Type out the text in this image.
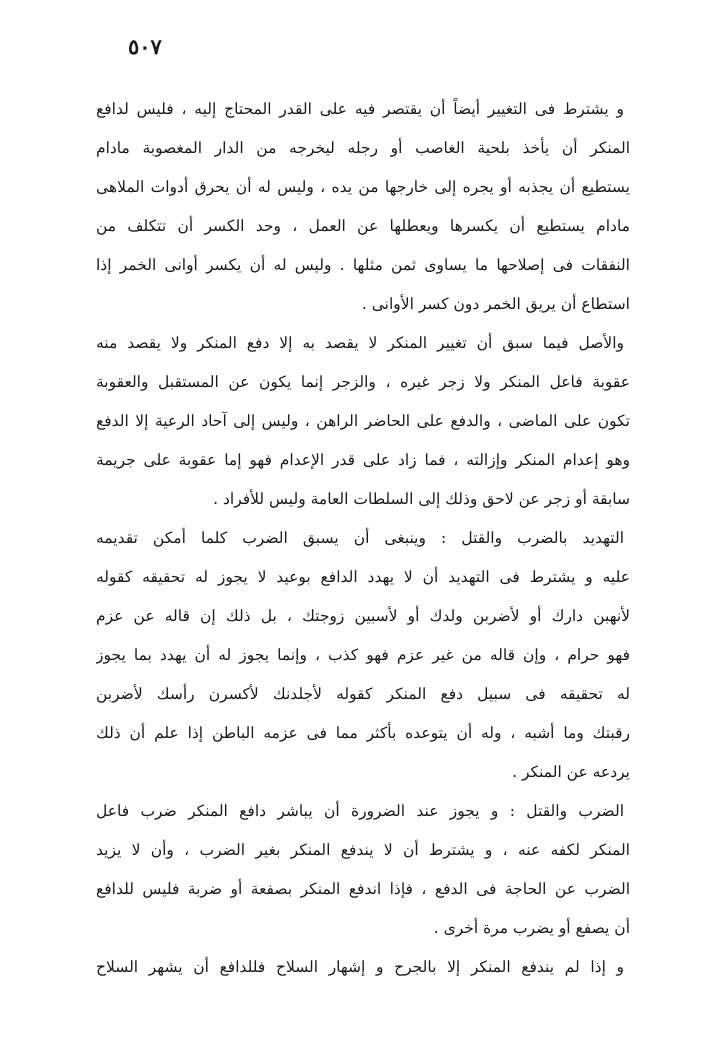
٥٠٧
و يشترط فى التغيير أيضاً أن يقتصر فيه على القدر المحتاج إليه ، فليس لدافع
المنكر أن يأخذ بلحية الغاصب أو رجله ليخرجه من الدار المغصوبة مادام
يستطيع أن يجذبه أو يجره إلى خارجها من يده ، وليس له أن يحرق أدوات الملاهى
مادام يستطيع أن يكسرها ويعطلها عن العمل ، وحد الكسر أن تتكلف من
النفقات فى إصلاحها ما يساوى ثمن مثلها . وليس له أن يكسر أوانى الخمر إذا
استطاع أن يريق الخمر دون كسر الأوانى .
والأصل فيما سبق أن تغيير المنكر لا يقصد به إلا دفع المنكر ولا يقصد منه
عقوبة فاعل المنكر ولا زجر غيره ، والزجر إنما يكون عن المستقبل والعقوبة
تكون على الماضى ، والدفع على الحاضر الراهن ، وليس إلى آحاد الرعية إلا الدفع
وهو إعدام المنكر وإزالته ، فما زاد على قدر الإعدام فهو إما عقوبة على جريمة
سابقة أو زجر عن لاحق وذلك إلى السلطات العامة وليس للأفراد .
التهديد بالضرب والقتل : وينبغى أن يسبق الضرب كلما أمكن تقديمه
عليه و يشترط فى التهديد أن لا يهدد الدافع بوعيد لا يجوز له تحقيقه كقوله
لأنهبن دارك أو لأضربن ولدك أو لأسبين زوجتك ، بل ذلك إن قاله عن عزم
فهو حرام ، وإن قاله من غير عزم فهو كذب ، وإنما يجوز له أن يهدد بما يجوز
له تحقيقه فى سبيل دفع المنكر كقوله لأجلدنك لأكسرن رأسك لأضربن
رقبتك وما أشبه ، وله أن يتوعده بأكثر مما فى عزمه الباطن إذا علم أن ذلك
يردعه عن المنكر .
الضرب والقتل : و يجوز عند الضرورة أن يباشر دافع المنكر ضرب فاعل
المنكر لكفه عنه ، و يشترط أن لا يندفع المنكر بغير الضرب ، وأن لا يزيد
الضرب عن الحاجة فى الدفع ، فإذا اندفع المنكر بصفعة أو ضربة فليس للدافع
أن يصفع أو يضرب مرة أخرى .
و إذا لم يندفع المنكر إلا بالجرح و إشهار السلاح فللدافع أن يشهر السلاح
